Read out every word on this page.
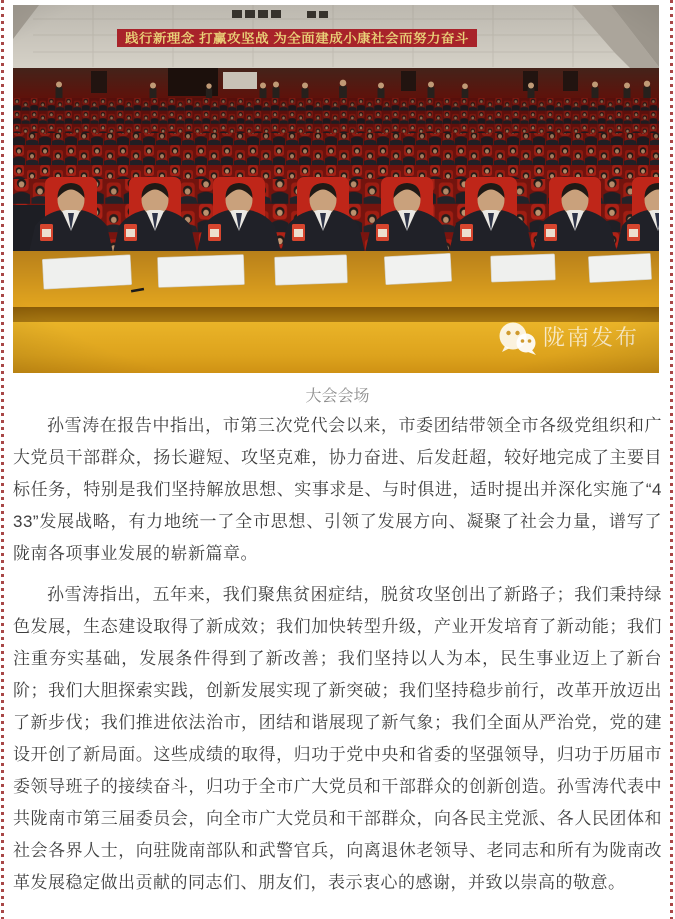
大会会场

孙雪涛在报告中指出，市第三次党代会以来，市委团结带领全市各级党组织和广大党员干部群众，扬长避短、攻坚克难，协力奋进、后发赶超，较好地完成了主要目标任务，特别是我们坚持解放思想、实事求是、与时俱进，适时提出并深化实施了“433”发展战略，有力地统一了全市思想、引领了发展方向、凝聚了社会力量，谱写了陇南各项事业发展的崭新篇章。

孙雪涛指出，五年来，我们聚焦贫困症结，脱贫攻坚创出了新路子；我们秉持绿色发展，生态建设取得了新成效；我们加快转型升级，产业开发培育了新动能；我们注重夯实基础，发展条件得到了新改善；我们坚持以人为本，民生事业迈上了新台阶；我们大胆探索实践，创新发展实现了新突破；我们坚持稳步前行，改革开放迈出了新步伐；我们推进依法治市，团结和谐展现了新气象；我们全面从严治党，党的建设开创了新局面。这些成绩的取得，归功于党中央和省委的坚强领导，归功于历届市委领导班子的接续奋斗，归功于全市广大党员和干部群众的创新创造。孙雪涛代表中共陇南市第三届委员会，向全市广大党员和干部群众，向各民主党派、各人民团体和社会各界人士，向驻陇南部队和武警官兵，向离退休老领导、老同志和所有为陇南改革发展稳定做出贡献的同志们、朋友们，表示衷心的感谢，并致以崇高的敬意。
